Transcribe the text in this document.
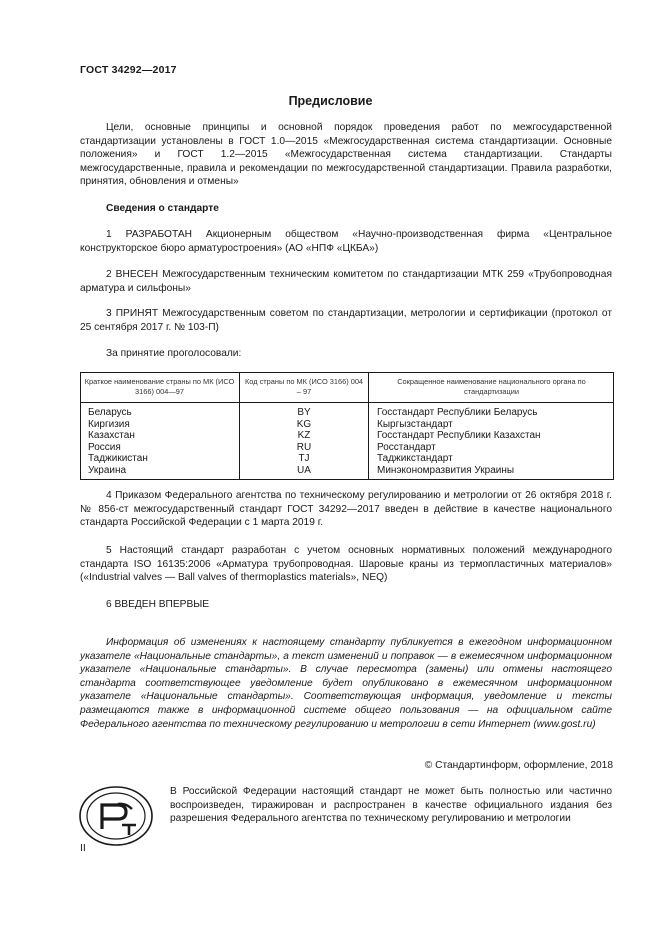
ГОСТ 34292—2017
Предисловие
Цели, основные принципы и основной порядок проведения работ по межгосударственной стандартизации установлены в ГОСТ 1.0—2015 «Межгосударственная система стандартизации. Основные положения» и ГОСТ 1.2—2015 «Межгосударственная система стандартизации. Стандарты межгосударственные, правила и рекомендации по межгосударственной стандартизации. Правила разработки, принятия, обновления и отмены»
Сведения о стандарте
1 РАЗРАБОТАН Акционерным обществом «Научно-производственная фирма «Центральное конструкторское бюро арматуростроения» (АО «НПФ «ЦКБА»)
2 ВНЕСЕН Межгосударственным техническим комитетом по стандартизации МТК 259 «Трубопроводная арматура и сильфоны»
3 ПРИНЯТ Межгосударственным советом по стандартизации, метрологии и сертификации (протокол от 25 сентября 2017 г. № 103-П)
За принятие проголосовали:
Краткое наименование страны по МК (ИСО 3166) 004—97	Код страны по МК (ИСО 3166) 004 – 97	Сокращенное наименование национального органа по стандартизации
Беларусь	BY	Госстандарт Республики Беларусь
Киргизия	KG	Кыргызстандарт
Казахстан	KZ	Госстандарт Республики Казахстан
Россия	RU	Росстандарт
Таджикистан	TJ	Таджикстандарт
Украина	UA	Минэкономразвития Украины
4 Приказом Федерального агентства по техническому регулированию и метрологии от 26 октября 2018 г. № 856-ст межгосударственный стандарт ГОСТ 34292—2017 введен в действие в качестве национального стандарта Российской Федерации с 1 марта 2019 г.
5 Настоящий стандарт разработан с учетом основных нормативных положений международного стандарта ISO 16135:2006 «Арматура трубопроводная. Шаровые краны из термопластичных материалов» («Industrial valves — Ball valves of thermoplastics materials», NEQ)
6 ВВЕДЕН ВПЕРВЫЕ
Информация об изменениях к настоящему стандарту публикуется в ежегодном информационном указателе «Национальные стандарты», а текст изменений и поправок — в ежемесячном информационном указателе «Национальные стандарты». В случае пересмотра (замены) или отмены настоящего стандарта соответствующее уведомление будет опубликовано в ежемесячном информационном указателе «Национальные стандарты». Соответствующая информация, уведомление и тексты размещаются также в информационной системе общего пользования — на официальном сайте Федерального агентства по техническому регулированию и метрологии в сети Интернет (www.gost.ru)
© Стандартинформ, оформление, 2018
В Российской Федерации настоящий стандарт не может быть полностью или частично воспроизведен, тиражирован и распространен в качестве официального издания без разрешения Федерального агентства по техническому регулированию и метрологии
II
